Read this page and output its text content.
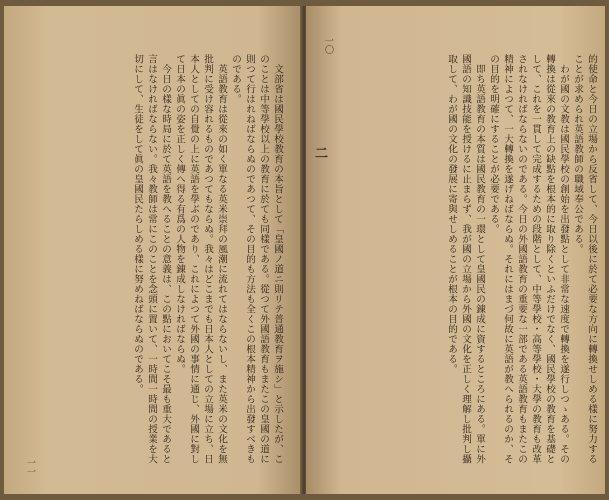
文部省は國民學校教育の本旨として「皇國ノ道ニ則リテ普通教育ヲ施シ」と示したが、このことは中等學校以上の教育に於ても同樣である。從つて外國語教育もまたこの皇國の道に則つて行はれねばならぬのであつて、その目的も方法も全くこの根本精神から出發すべきものである。

英語教育は從來の如く單なる英米崇拜の風潮に流れてはならないし、また英米の文化を無批判に受け容れるものであつてもならぬ。我々はどこまでも日本人としての立場に立ち、日本人としての自覺の上に英語を學ぶのであり、これによつて外國の事情に通じ、外國に對して日本の眞の姿を正しく傳へ得る有爲の人物を錬成しなければならぬ。

今日の樣な時局に於て英語を教へることの意義は、この點においてこそ最も重大であると言はなければならない。我々教師は常にこのことを念頭に置いて、一時間一時間の授業を大切にして、生徒をして眞の皇國民たらしめる樣に努めねばならぬのである。

一一
一〇

的使命と今日の立場から反省して、今日以後に於て必要な方向に轉換せしめる樣に努力することが求められ英語教師の職域奉公である。

わが國の文教は國民學校の創始を出發點として非常な速度で轉換を遂行しつゝある。その轉換は從來の教育上の缺點を根本的に取り除くといふだけでなく、國民學校の教育を基礎として、これを一貫して完成するための段階として、中等學校・高等學校・大學の教育も改革されなければならないのである。今日の外國語教育の重要な一部である英語教育もまたこの精神によつて、一大轉換を遂げねばならぬ。それにはまづ何故に英語が教へられるのか、その目的を明確にすることが必要である。

即ち英語教育の本質は國民教育の一環として皇國民の錬成に資するところにある。單に外國語の知識技能を授けるに止まらず、我が國の立場から外國の文化を正しく理解し批判し攝取して、わが國の文化の發展に寄與せしめることが根本の目的である。

二
